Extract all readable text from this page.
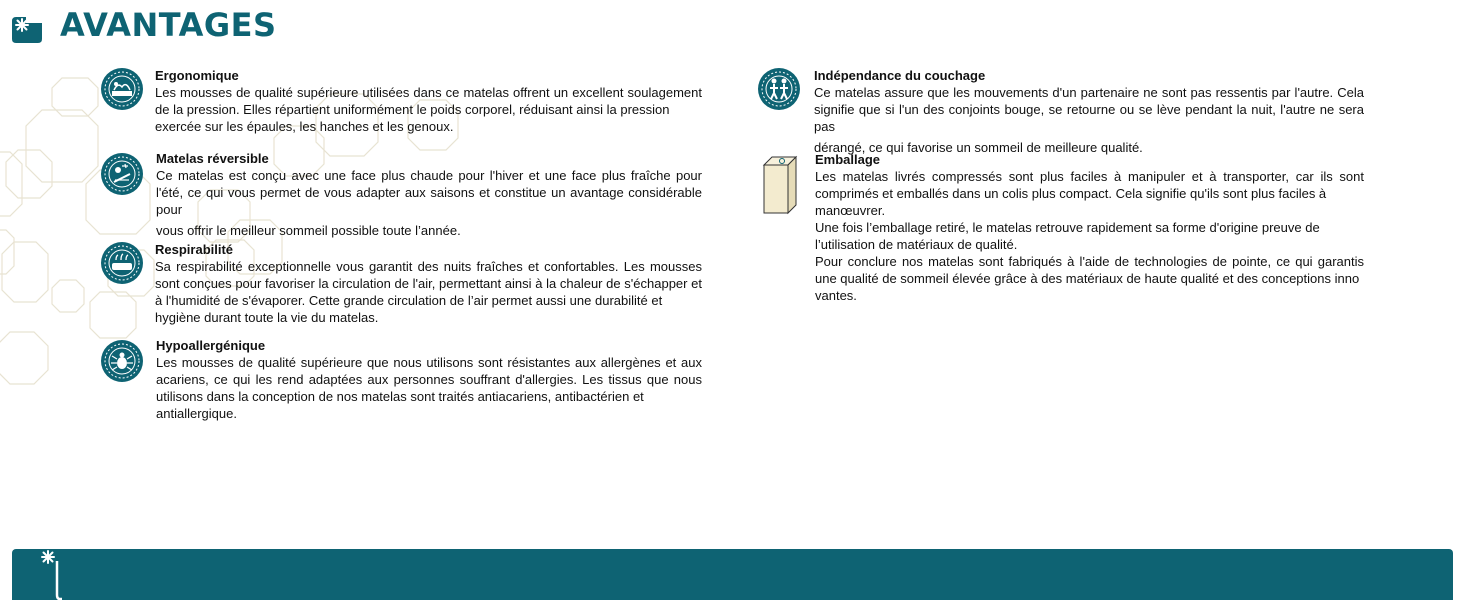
AVANTAGES
Ergonomique

Les mousses de qualité supérieure utilisées dans ce matelas offrent un excellent soulagement de la pression. Elles répartient uniformément le poids corporel, réduisant ainsi la pression

exercée sur les épaules, les hanches et les genoux.

Matelas réversible

Ce matelas est conçu avec une face plus chaude pour l'hiver et une face plus fraîche pour l'été, ce qui vous permet de vous adapter aux saisons et constitue un avantage considérable pour

vous offrir le meilleur sommeil possible toute l’année.

Respirabilité

Sa respirabilité exceptionnelle vous garantit des nuits fraîches et confortables. Les mousses sont conçues pour favoriser la circulation de l'air, permettant ainsi à la chaleur de s'échapper et à l'humidité de s'évaporer. Cette grande circulation de l’air permet aussi une durabilité et

hygiène durant toute la vie du matelas.

Hypoallergénique

Les mousses de qualité supérieure que nous utilisons sont résistantes aux allergènes et aux acariens, ce qui les rend adaptées aux personnes souffrant d'allergies. Les tissus que nous utilisons dans la conception de nos matelas sont traités antiacariens, antibactérien et

antiallergique.

Indépendance du couchage

Ce matelas assure que les mouvements d'un partenaire ne sont pas ressentis par l'autre. Cela signifie que si l'un des conjoints bouge, se retourne ou se lève pendant la nuit, l'autre ne sera pas

dérangé, ce qui favorise un sommeil de meilleure qualité.

Emballage

Les matelas livrés compressés sont plus faciles à manipuler et à transporter, car ils sont comprimés et emballés dans un colis plus compact. Cela signifie qu'ils sont plus faciles à

manœuvrer.

Une fois l’emballage retiré, le matelas retrouve rapidement sa forme d'origine preuve de

l’utilisation de matériaux de qualité.

Pour conclure nos matelas sont fabriqués à l'aide de technologies de pointe, ce qui garantis une qualité de sommeil élevée grâce à des matériaux de haute qualité et des conceptions inno

vantes.
